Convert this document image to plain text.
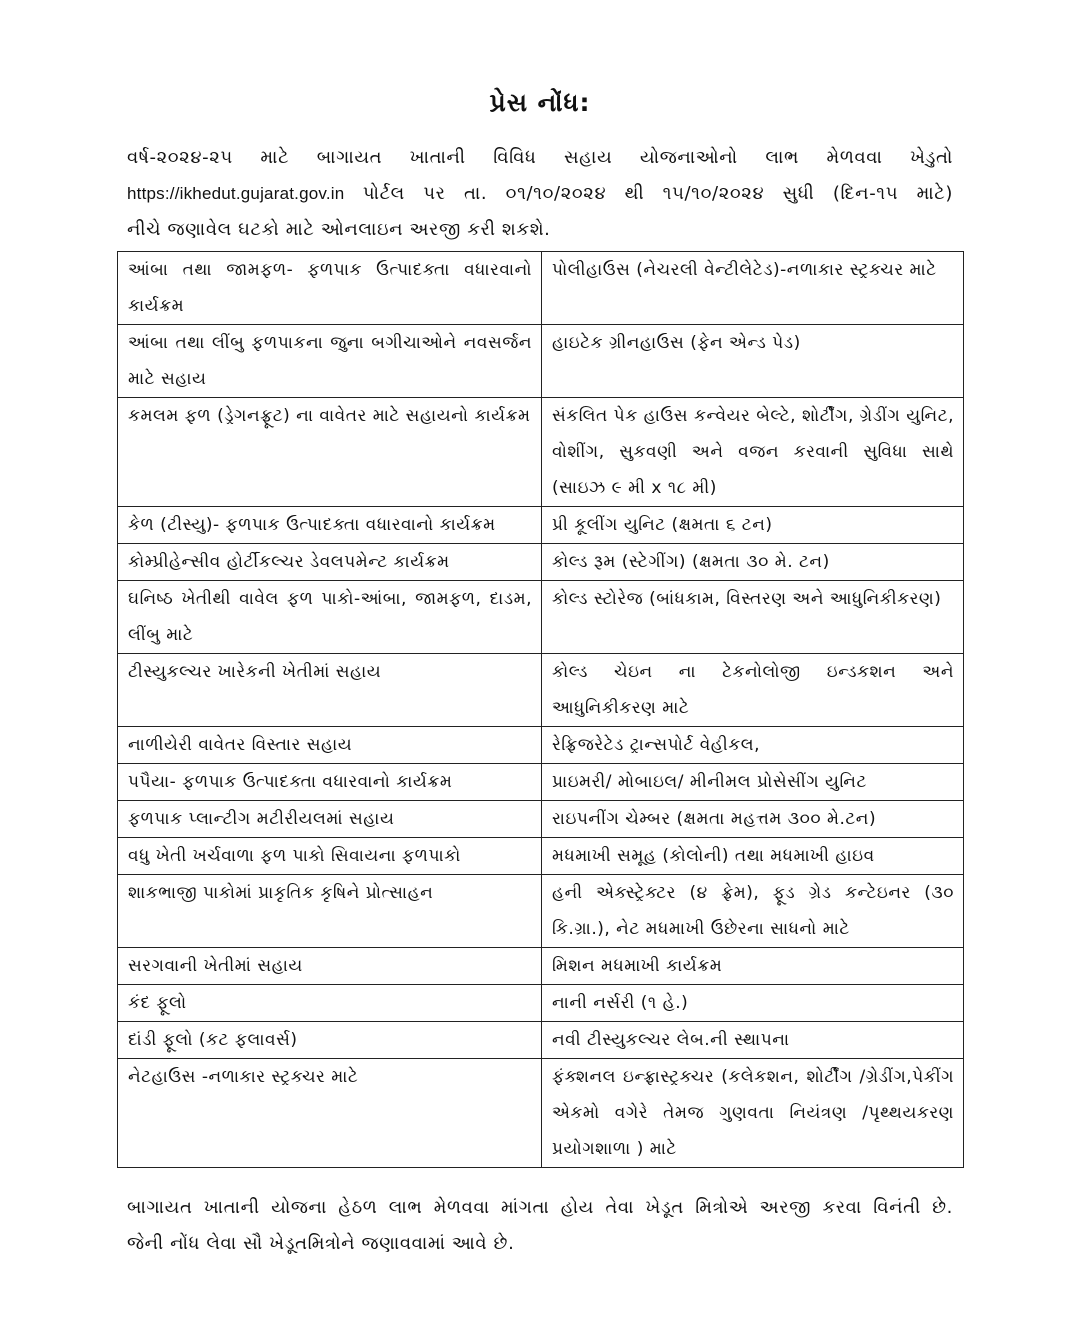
પ્રેસ નોંધ:

વર્ષ-૨૦૨૪-૨૫ માટે બાગાયત ખાતાની વિવિધ સહાય યોજનાઓનો લાભ મેળવવા ખેડુતો

https://ikhedut.gujarat.gov.in પોર્ટલ પર તા. ૦૧/૧૦/૨૦૨૪ થી ૧૫/૧૦/૨૦૨૪ સુધી (દિન-૧૫ માટે)

નીચે જણાવેલ ઘટકો માટે ઓનલાઇન અરજી કરી શકશે.

આંબા તથા જામફળ- ફળપાક ઉત્પાદક્તા વધારવાનો કાર્યક્રમ	પોલીહાઉસ (નેચરલી વેન્ટીલેટેડ)-નળાકાર સ્ટ્રક્ચર માટે
આંબા તથા લીંબુ ફળપાકના જુના બગીચાઓને નવસર્જન માટે સહાય	હાઇટેક ગ્રીનહાઉસ (ફેન એન્ડ પેડ)
કમલમ ફળ (ડ્રેગનફ્રૂટ) ના વાવેતર માટે સહાયનો કાર્યક્રમ	સંકલિત પેક હાઉસ કન્વેયર બેલ્ટે, શોર્ટીંગ, ગ્રેડીંગ યુનિટ, વોશીંગ, સુકવણી અને વજન કરવાની સુવિધા સાથે (સાઇઝ ૯ મી x ૧૮ મી)
કેળ (ટીસ્યુ)- ફળપાક ઉત્પાદક્તા વધારવાનો કાર્યક્રમ	પ્રી કૂલીંગ યુનિટ (ક્ષમતા ૬ ટન)
કોમ્પ્રીહેન્સીવ હોર્ટીકલ્ચર ડેવલપમેન્ટ કાર્યક્રમ	કોલ્ડ રૂમ (સ્ટેગીંગ) (ક્ષમતા ૩૦ મે. ટન)
ઘનિષ્ઠ ખેતીથી વાવેલ ફળ પાકો-આંબા, જામફળ, દાડમ, લીંબુ માટે	કોલ્ડ સ્ટોરેજ (બાંધકામ, વિસ્તરણ અને આધુનિકીકરણ)
ટીસ્યુકલ્ચર ખારેકની ખેતીમાં સહાય	કોલ્ડ ચેઇન ના ટેકનોલોજી ઇન્ડકશન અને આધુનિકીકરણ માટે
નાળીયેરી વાવેતર વિસ્તાર સહાય	રેફ્રિજરેટેડ ટ્રાન્સપોર્ટ વેહીકલ,
પપૈયા- ફળપાક ઉત્પાદક્તા વધારવાનો કાર્યક્રમ	પ્રાઇમરી/ મોબાઇલ/ મીનીમલ પ્રોસેસીંગ યુનિટ
ફળપાક પ્લાન્ટીગ મટીરીયલમાં સહાય	રાઇપનીંગ ચેમ્બર (ક્ષમતા મહત્તમ ૩૦૦ મે.ટન)
વધુ ખેતી ખર્ચવાળા ફળ પાકો સિવાયના ફળપાકો	મધમાખી સમૂહ (કોલોની) તથા મધમાખી હાઇવ
શાકભાજી પાકોમાં પ્રાકૃતિક કૃષિને પ્રોત્સાહન	હની એક્સ્ટ્રેક્ટર (૪ ફ્રેમ), ફૂડ ગ્રેડ કન્ટેઇનર (૩૦ કિ.ગ્રા.), નેટ મધમાખી ઉછેરના સાધનો માટે
સરગવાની ખેતીમાં સહાય	મિશન મધમાખી કાર્યક્રમ
કંદ ફૂલો	નાની નર્સરી (૧ હે.)
દાંડી ફૂલો (કટ ફલાવર્સ)	નવી ટીસ્યુકલ્ચર લેબ.ની સ્થાપના
નેટહાઉસ -નળાકાર સ્ટ્રક્ચર માટે	ફંક્શનલ ઇન્ફ્રાસ્ટ્રક્ચર (કલેકશન, શોર્ટીંગ /ગ્રેડીંગ,પેકીંગ એકમો વગેરે તેમજ ગુણવતા નિયંત્રણ /પૃથ્થયકરણ પ્રયોગશાળા ) માટે

બાગાયત ખાતાની યોજના હેઠળ લાભ મેળવવા માંગતા હોય તેવા ખેડૂત મિત્રોએ અરજી કરવા વિનંતી છે.

જેની નોંધ લેવા સૌ ખેડૂતમિત્રોને જણાવવામાં આવે છે.
